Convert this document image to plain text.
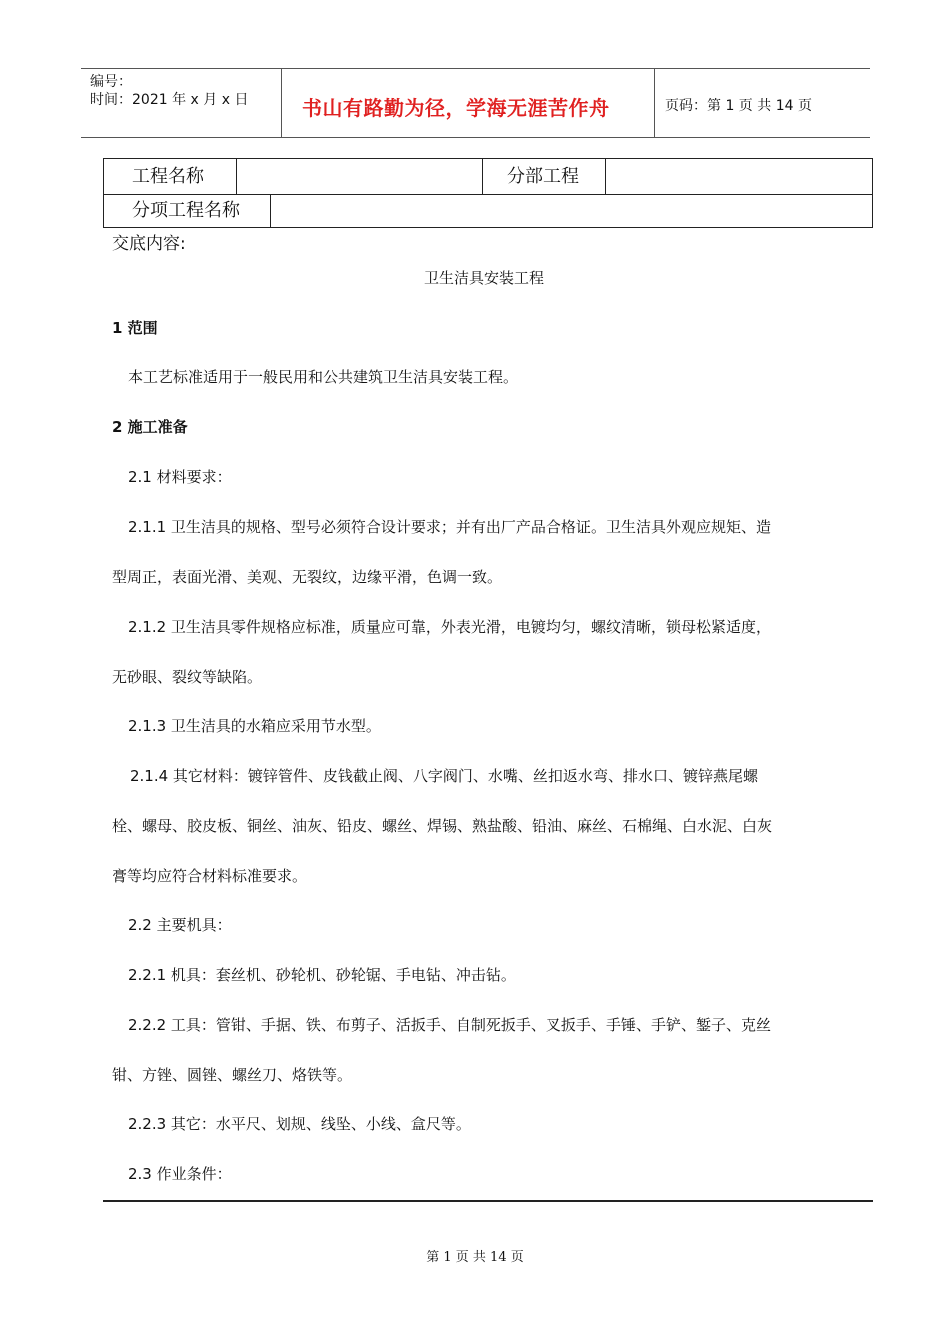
编号：
时间：2021 年 x 月 x 日	书山有路勤为径，学海无涯苦作舟	页码：第 1 页 共 14 页
工程名称	分部工程
分项工程名称
交底内容:
卫生洁具安装工程
1 范围
本工艺标准适用于一般民用和公共建筑卫生洁具安装工程。
2 施工准备
2.1 材料要求：
2.1.1 卫生洁具的规格、型号必须符合设计要求；并有出厂产品合格证。卫生洁具外观应规矩、造
型周正，表面光滑、美观、无裂纹，边缘平滑，色调一致。
2.1.2 卫生洁具零件规格应标准，质量应可靠，外表光滑，电镀均匀，螺纹清晰，锁母松紧适度，
无砂眼、裂纹等缺陷。
2.1.3 卫生洁具的水箱应采用节水型。
2.1.4 其它材料：镀锌管件、皮钱截止阀、八字阀门、水嘴、丝扣返水弯、排水口、镀锌燕尾螺
栓、螺母、胶皮板、铜丝、油灰、铅皮、螺丝、焊锡、熟盐酸、铅油、麻丝、石棉绳、白水泥、白灰
膏等均应符合材料标准要求。
2.2 主要机具：
2.2.1 机具：套丝机、砂轮机、砂轮锯、手电钻、冲击钻。
2.2.2 工具：管钳、手据、铁、布剪子、活扳手、自制死扳手、叉扳手、手锤、手铲、錾子、克丝
钳、方锉、圆锉、螺丝刀、烙铁等。
2.2.3 其它：水平尺、划规、线坠、小线、盒尺等。
2.3 作业条件：
第 1 页 共 14 页
